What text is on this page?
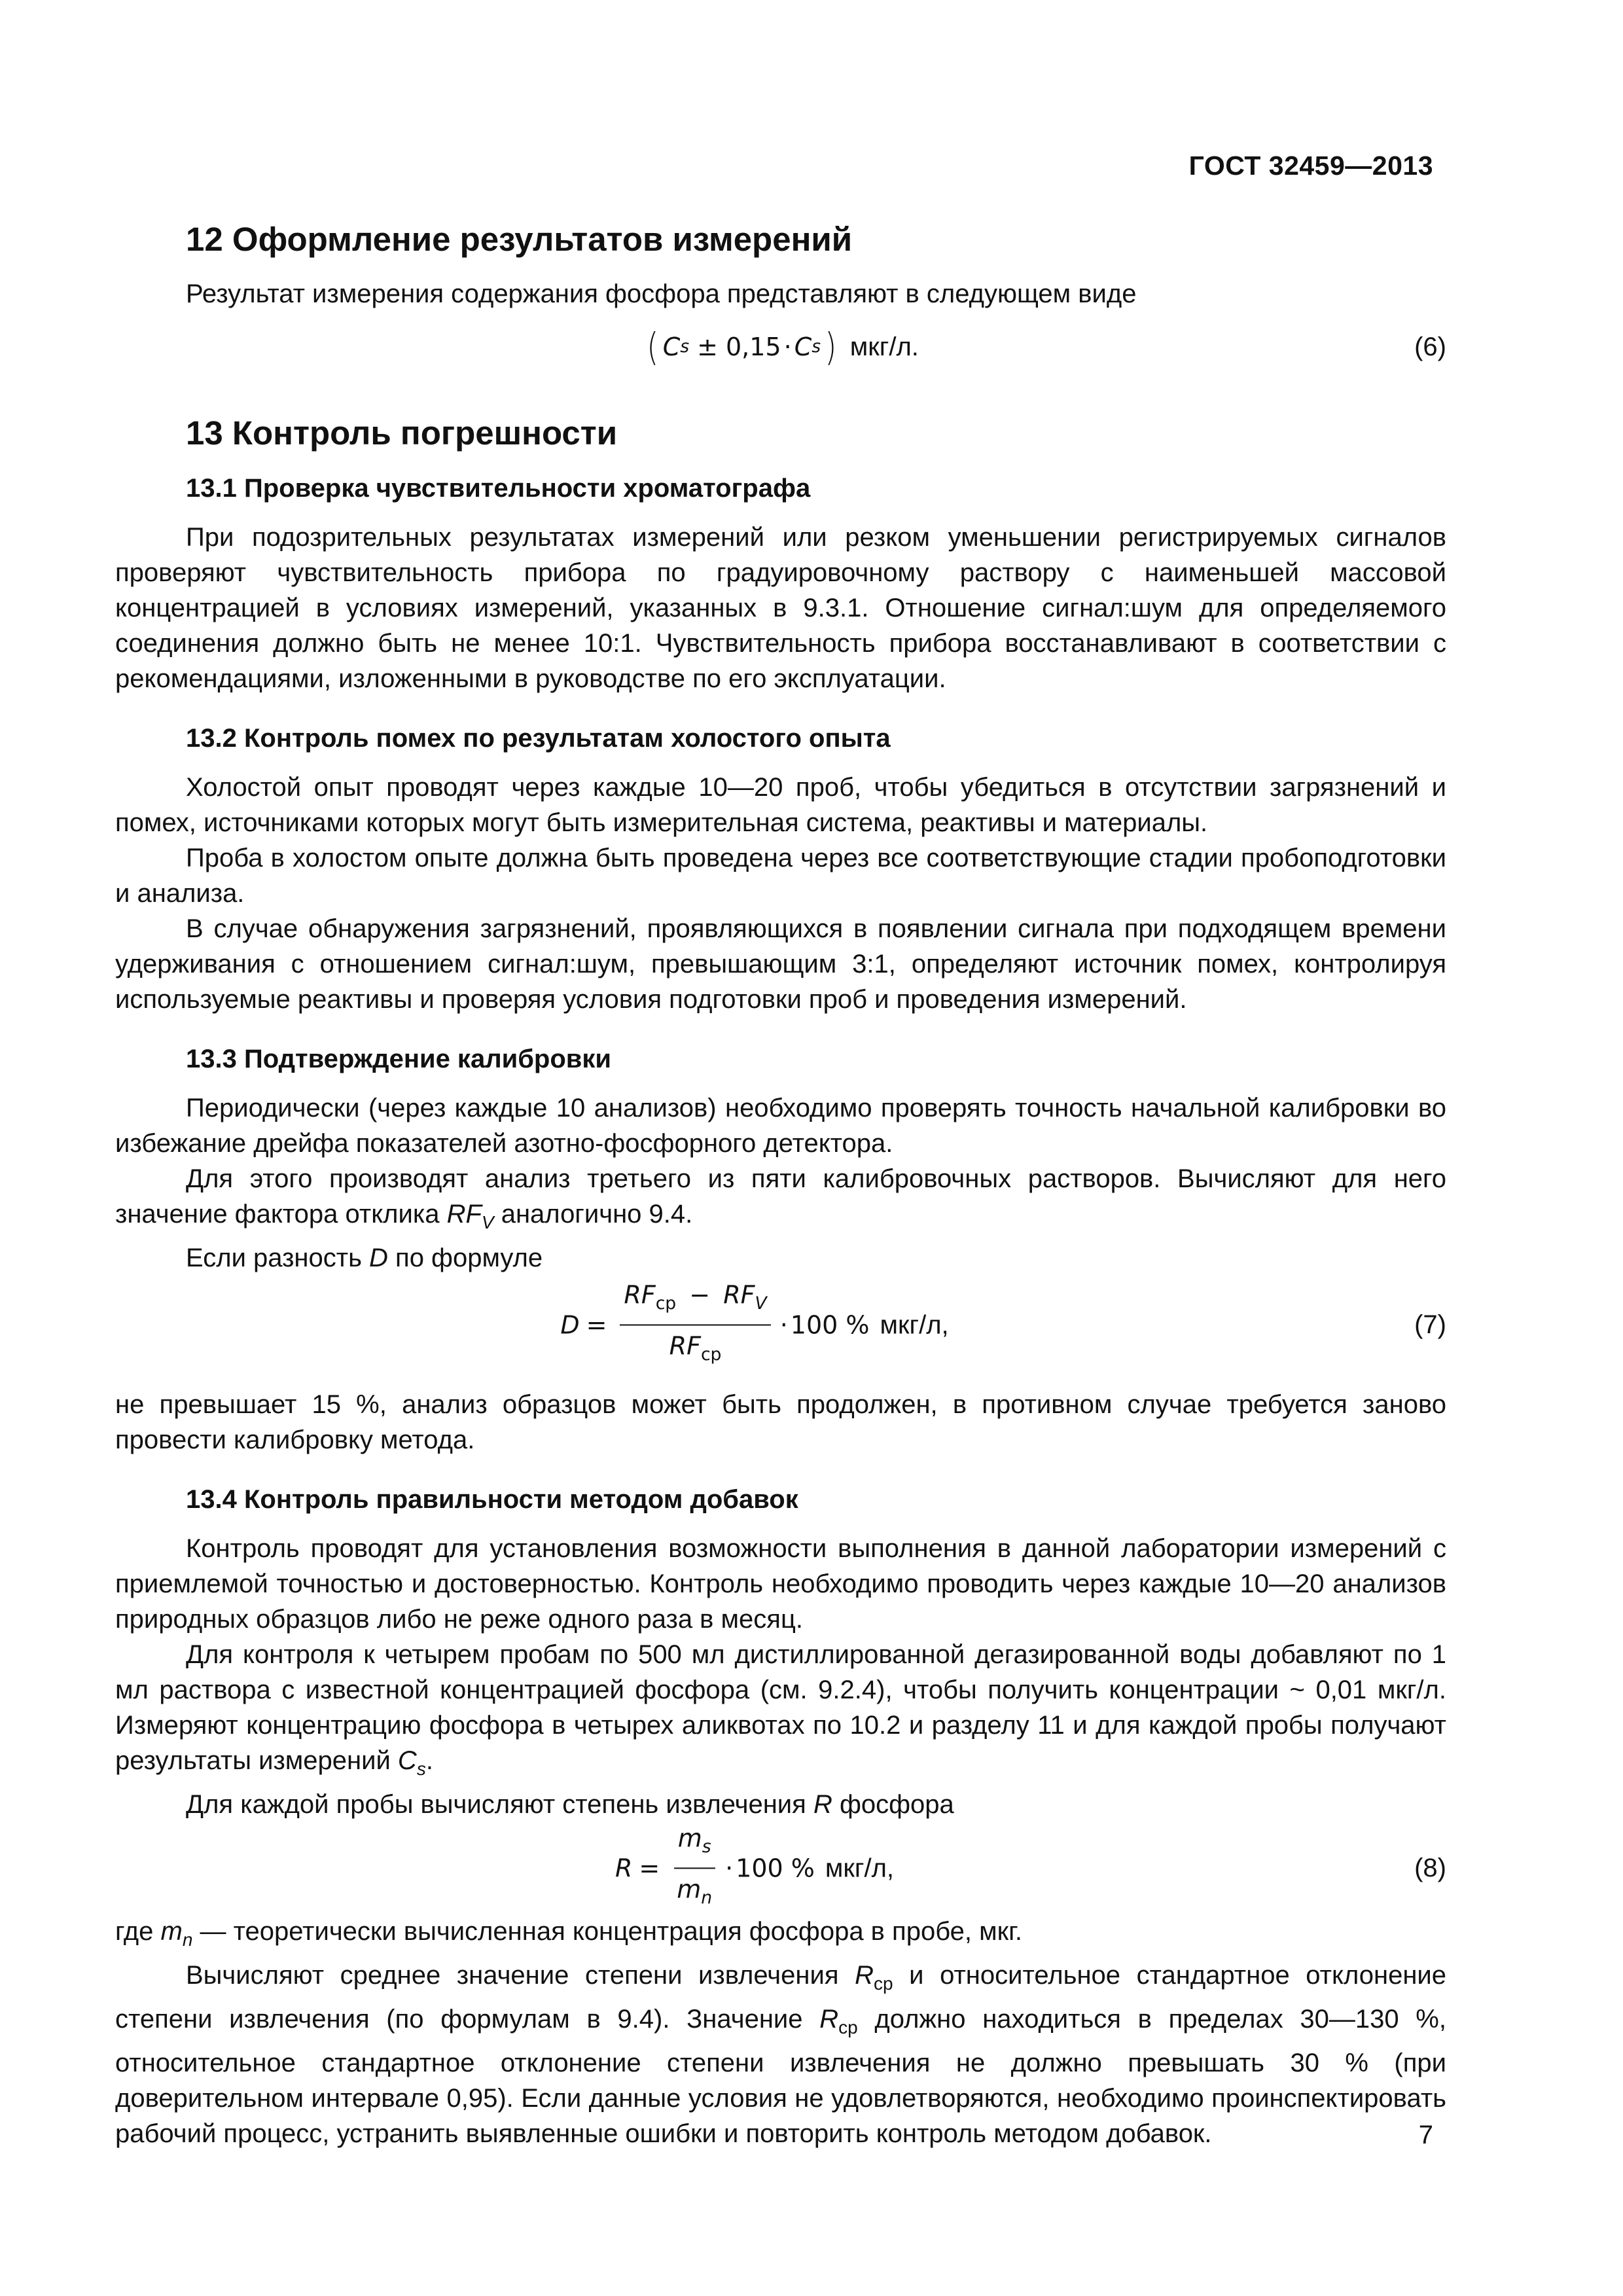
ГОСТ 32459—2013
12 Оформление результатов измерений

Результат измерения содержания фосфора представляют в следующем виде

( C s ± 0,15 · C s ) мкг/л.	(6)
13 Контроль погрешности
13.1 Проверка чувствительности хроматографа

При подозрительных результатах измерений или резком уменьшении регистрируемых сигналов проверяют чувствительность прибора по градуировочному раствору с наименьшей массовой концентрацией в условиях измерений, указанных в 9.3.1. Отношение сигнал:шум для определяемого соединения должно быть не менее 10:1. Чувствительность прибора восстанавливают в соответствии с рекомендациями, изложенными в руководстве по его эксплуатации.

13.2 Контроль помех по результатам холостого опыта

Холостой опыт проводят через каждые 10—20 проб, чтобы убедиться в отсутствии загрязнений и помех, источниками которых могут быть измерительная система, реактивы и материалы.

Проба в холостом опыте должна быть проведена через все соответствующие стадии пробоподготовки и анализа.

В случае обнаружения загрязнений, проявляющихся в появлении сигнала при подходящем времени удерживания с отношением сигнал:шум, превышающим 3:1, определяют источник помех, контролируя используемые реактивы и проверяя условия подготовки проб и проведения измерений.

13.3 Подтверждение калибровки

Периодически (через каждые 10 анализов) необходимо проверять точность начальной калибровки во избежание дрейфа показателей азотно-фосфорного детектора.

Для этого производят анализ третьего из пяти калибровочных растворов. Вычисляют для него значение фактора отклика $RF_V$ аналогично 9.4.

Если разность D по формуле

$D = \frac{RF_{ср} - RF_V}{RF_{ср}} \cdot 100$ % мкг/л,	(7)

не превышает 15 %, анализ образцов может быть продолжен, в противном случае требуется заново провести калибровку метода.

13.4 Контроль правильности методом добавок

Контроль проводят для установления возможности выполнения в данной лаборатории измерений с приемлемой точностью и достоверностью. Контроль необходимо проводить через каждые 10—20 анализов природных образцов либо не реже одного раза в месяц.

Для контроля к четырем пробам по 500 мл дистиллированной дегазированной воды добавляют по 1 мл раствора с известной концентрацией фосфора (см. 9.2.4), чтобы получить концентрации ~ 0,01 мкг/л. Измеряют концентрацию фосфора в четырех аликвотах по 10.2 и разделу 11 и для каждой пробы получают результаты измерений $C_s$.

Для каждой пробы вычисляют степень извлечения R фосфора

$R = \frac{m_s}{m_n} \cdot 100$ % мкг/л,	(8)

где $m_n$ — теоретически вычисленная концентрация фосфора в пробе, мкг.

Вычисляют среднее значение степени извлечения $R_{ср}$ и относительное стандартное отклонение степени извлечения (по формулам в 9.4). Значение $R_{ср}$ должно находиться в пределах 30—130 %, относительное стандартное отклонение степени извлечения не должно превышать 30 % (при доверительном интервале 0,95). Если данные условия не удовлетворяются, необходимо проинспектировать рабочий процесс, устранить выявленные ошибки и повторить контроль методом добавок.	7
